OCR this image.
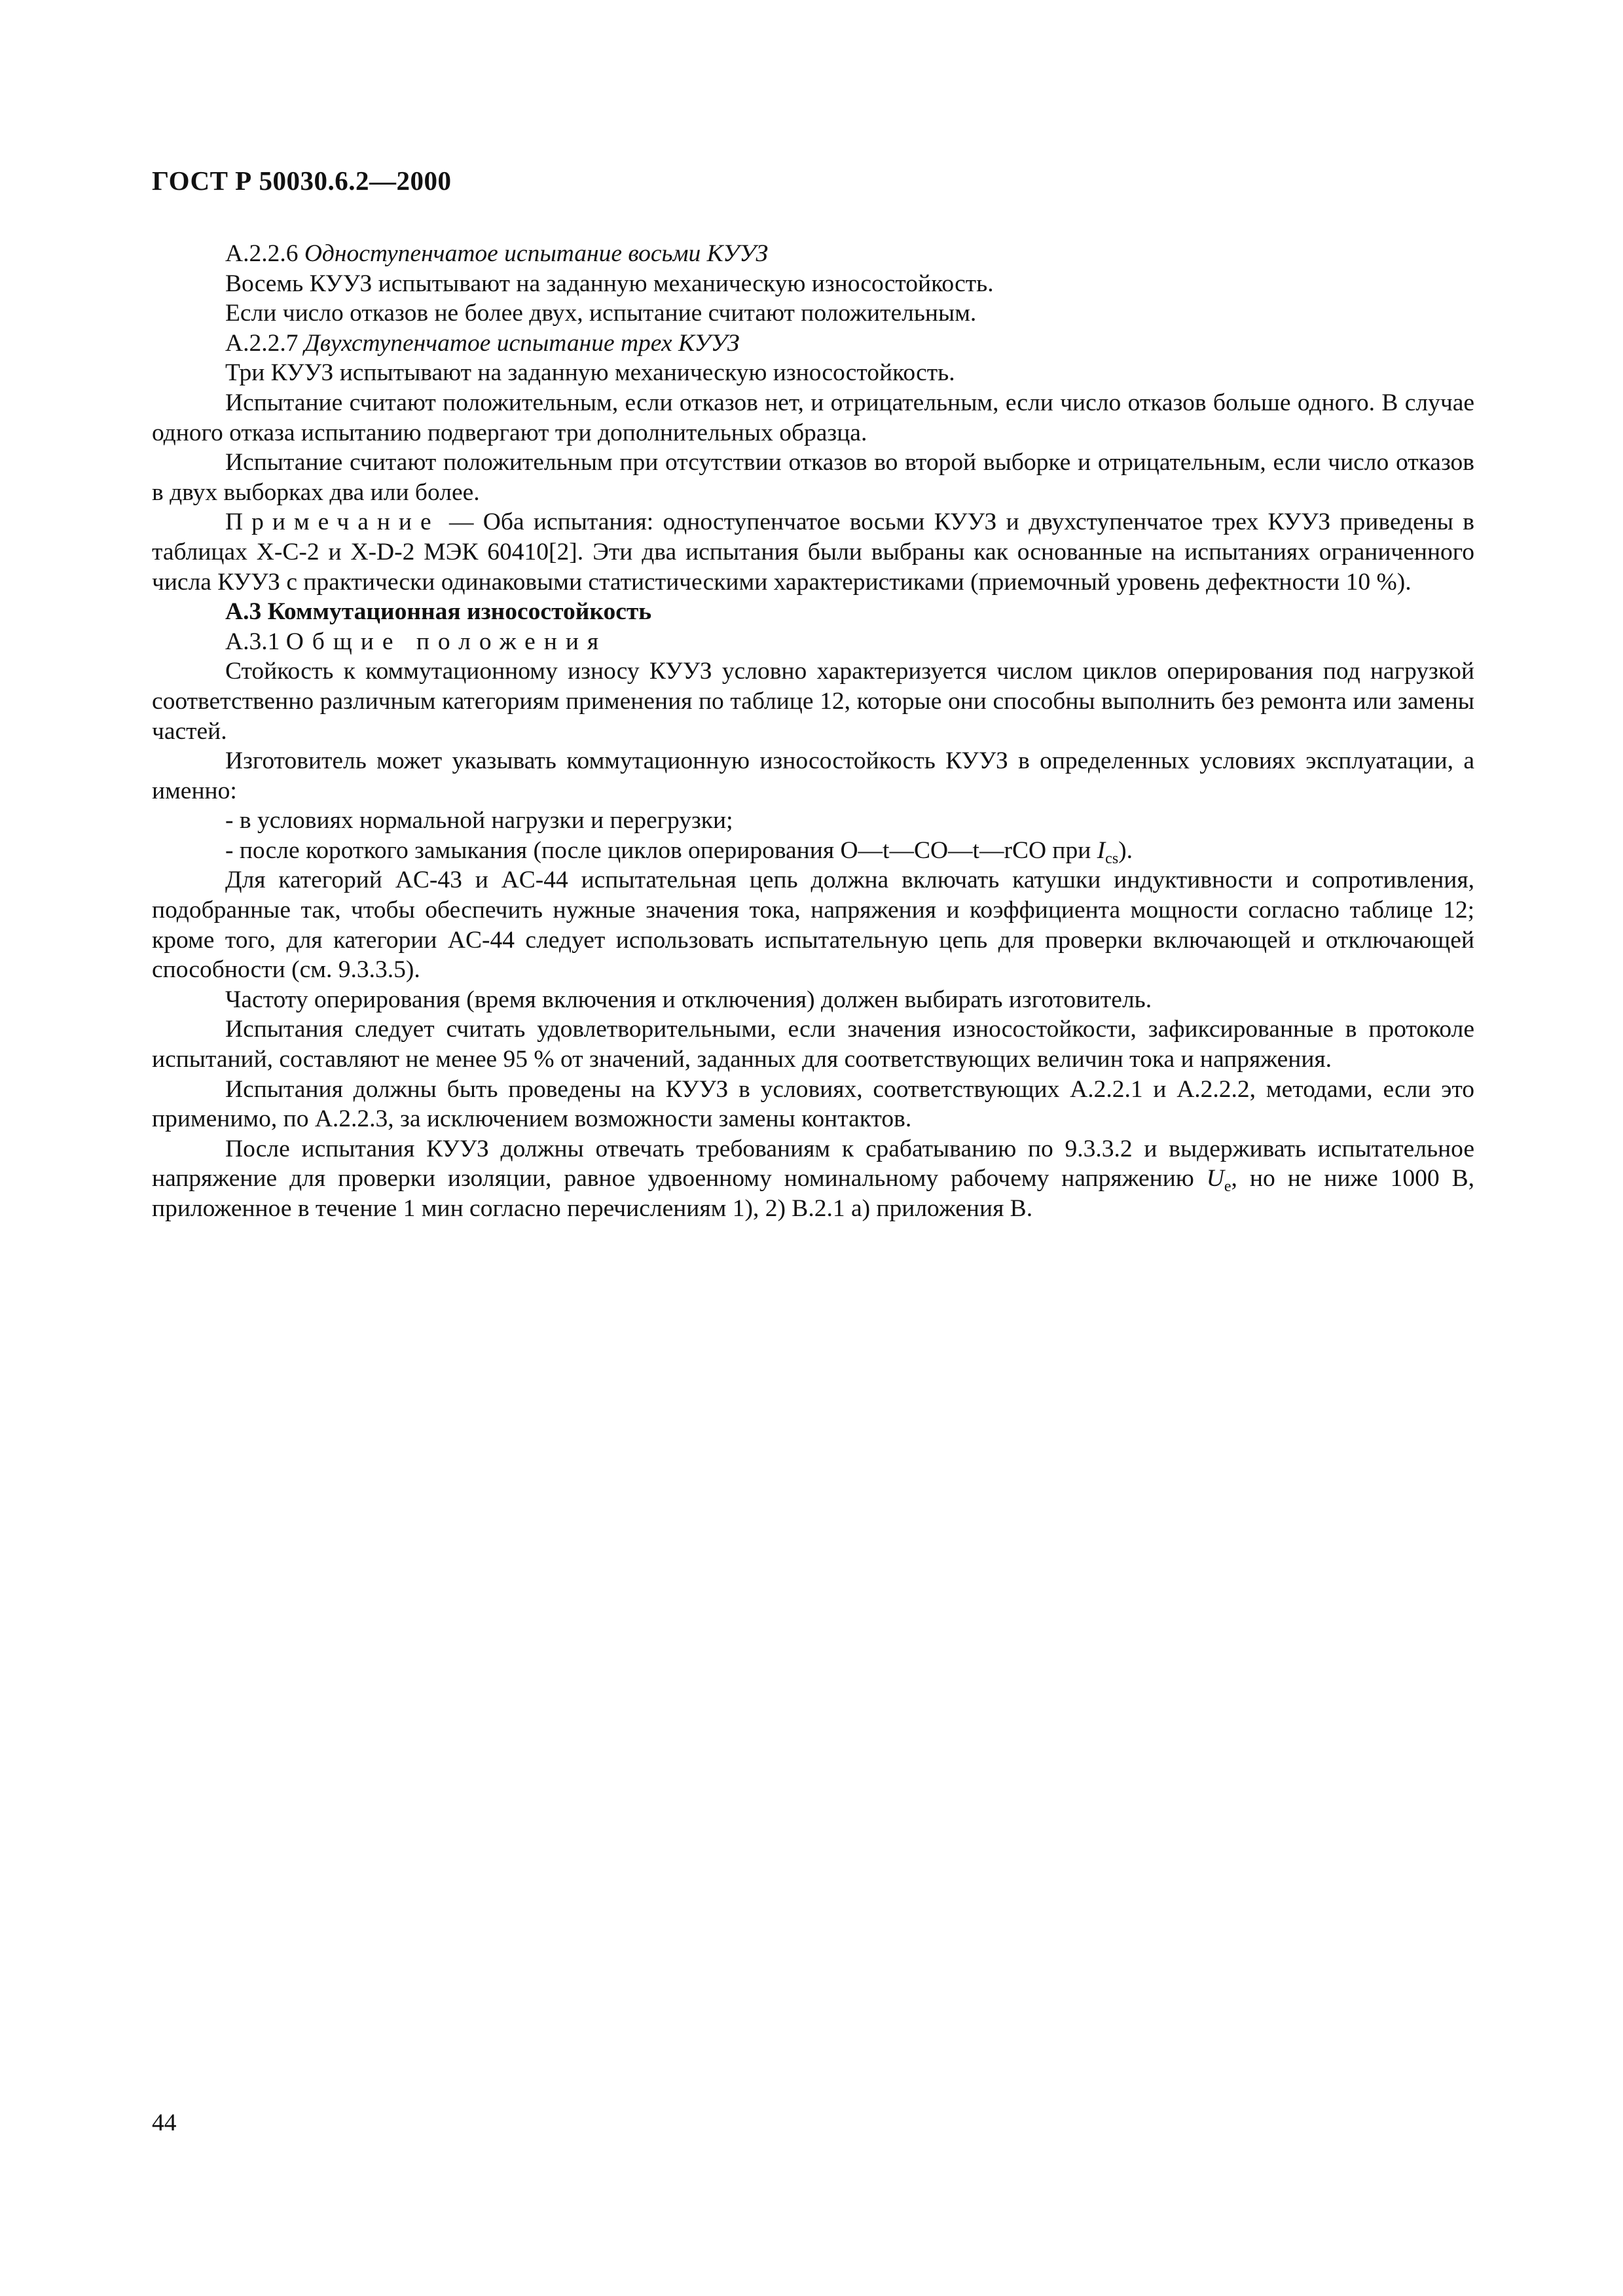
ГОСТ Р 50030.6.2—2000

А.2.2.6 Одноступенчатое испытание восьми КУУЗ

Восемь КУУЗ испытывают на заданную механическую износостойкость.

Если число отказов не более двух, испытание считают положительным.

А.2.2.7 Двухступенчатое испытание трех КУУЗ

Три КУУЗ испытывают на заданную механическую износостойкость.

Испытание считают положительным, если отказов нет, и отрицательным, если число отказов больше одного. В случае одного отказа испытанию подвергают три дополнительных образца.

Испытание считают положительным при отсутствии отказов во второй выборке и отрицательным, если число отказов в двух выборках два или более.

Примечание — Оба испытания: одноступенчатое восьми КУУЗ и двухступенчатое трех КУУЗ приведены в таблицах X-C-2 и X-D-2 МЭК 60410[2]. Эти два испытания были выбраны как основанные на испытаниях ограниченного числа КУУЗ с практически одинаковыми статистическими характеристиками (приемочный уровень дефектности 10 %).

А.3 Коммутационная износостойкость

А.3.1 Общие положения

Стойкость к коммутационному износу КУУЗ условно характеризуется числом циклов оперирования под нагрузкой соответственно различным категориям применения по таблице 12, которые они способны выполнить без ремонта или замены частей.

Изготовитель может указывать коммутационную износостойкость КУУЗ в определенных условиях эксплуатации, а именно:

- в условиях нормальной нагрузки и перегрузки;

- после короткого замыкания (после циклов оперирования O—t—CO—t—rCO при $I_{cs}$).

Для категорий AC-43 и AC-44 испытательная цепь должна включать катушки индуктивности и сопротивления, подобранные так, чтобы обеспечить нужные значения тока, напряжения и коэффициента мощности согласно таблице 12; кроме того, для категории AC-44 следует использовать испытательную цепь для проверки включающей и отключающей способности (см. 9.3.3.5).

Частоту оперирования (время включения и отключения) должен выбирать изготовитель.

Испытания следует считать удовлетворительными, если значения износостойкости, зафиксированные в протоколе испытаний, составляют не менее 95 % от значений, заданных для соответствующих величин тока и напряжения.

Испытания должны быть проведены на КУУЗ в условиях, соответствующих А.2.2.1 и А.2.2.2, методами, если это применимо, по А.2.2.3, за исключением возможности замены контактов.

После испытания КУУЗ должны отвечать требованиям к срабатыванию по 9.3.3.2 и выдерживать испытательное напряжение для проверки изоляции, равное удвоенному номинальному рабочему напряжению $U_e$, но не ниже 1000 В, приложенное в течение 1 мин согласно перечислениям 1), 2) В.2.1 а) приложения В.

44
